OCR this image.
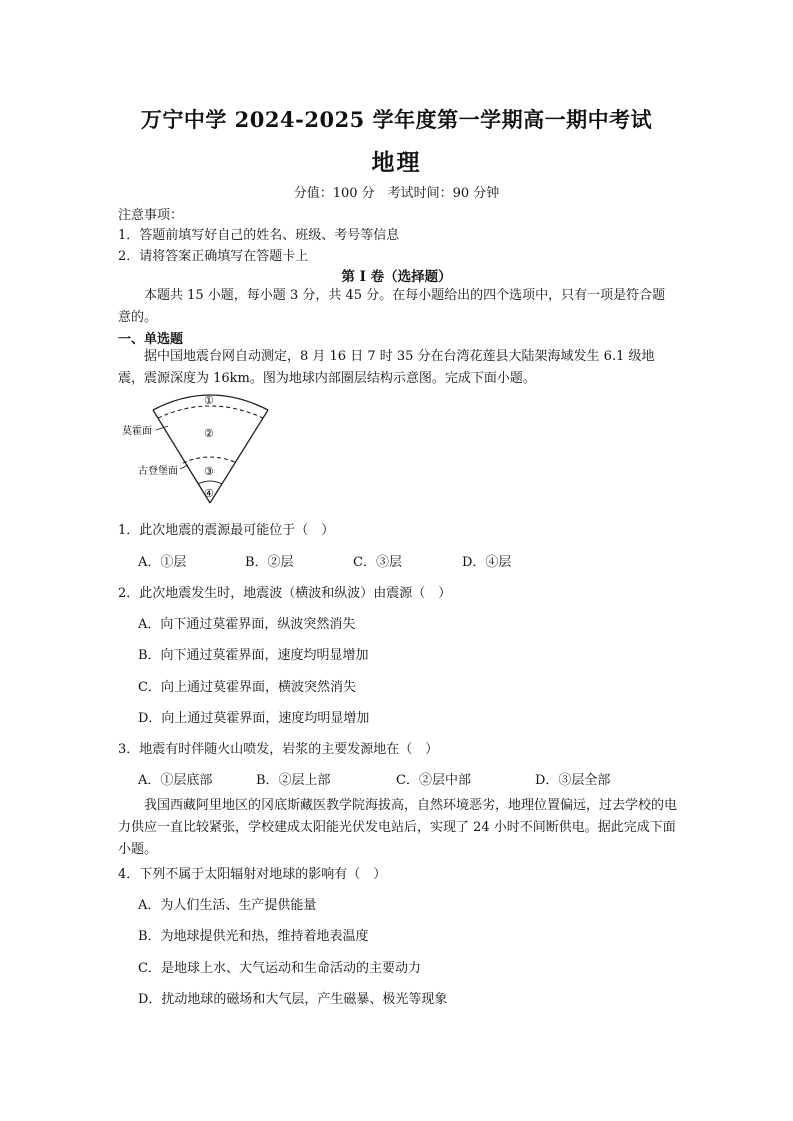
万宁中学 2024-2025 学年度第一学期高一期中考试
地理
分值：100 分　考试时间：90 分钟
注意事项：
1．答题前填写好自己的姓名、班级、考号等信息
2．请将答案正确填写在答题卡上
第 I 卷（选择题）
本题共 15 小题，每小题 3 分，共 45 分。在每小题给出的四个选项中，只有一项是符合题意的。
一、单选题
据中国地震台网自动测定，8 月 16 日 7 时 35 分在台湾花莲县大陆架海域发生 6.1 级地震，震源深度为 16km。图为地球内部圈层结构示意图。完成下面小题。
莫霍面
古登堡面
①
②
③
④
1．此次地震的震源最可能位于（　）
A．①层	B．②层	C．③层	D．④层
2．此次地震发生时，地震波（横波和纵波）由震源（　）
A．向下通过莫霍界面，纵波突然消失
B．向下通过莫霍界面，速度均明显增加
C．向上通过莫霍界面，横波突然消失
D．向上通过莫霍界面，速度均明显增加
3．地震有时伴随火山喷发，岩浆的主要发源地在（　）
A．①层底部	B．②层上部	C．②层中部	D．③层全部
我国西藏阿里地区的冈底斯藏医教学院海拔高，自然环境恶劣，地理位置偏远，过去学校的电力供应一直比较紧张，学校建成太阳能光伏发电站后，实现了 24 小时不间断供电。据此完成下面小题。
4．下列不属于太阳辐射对地球的影响有（　）
A．为人们生活、生产提供能量
B．为地球提供光和热，维持着地表温度
C．是地球上水、大气运动和生命活动的主要动力
D．扰动地球的磁场和大气层，产生磁暴、极光等现象
